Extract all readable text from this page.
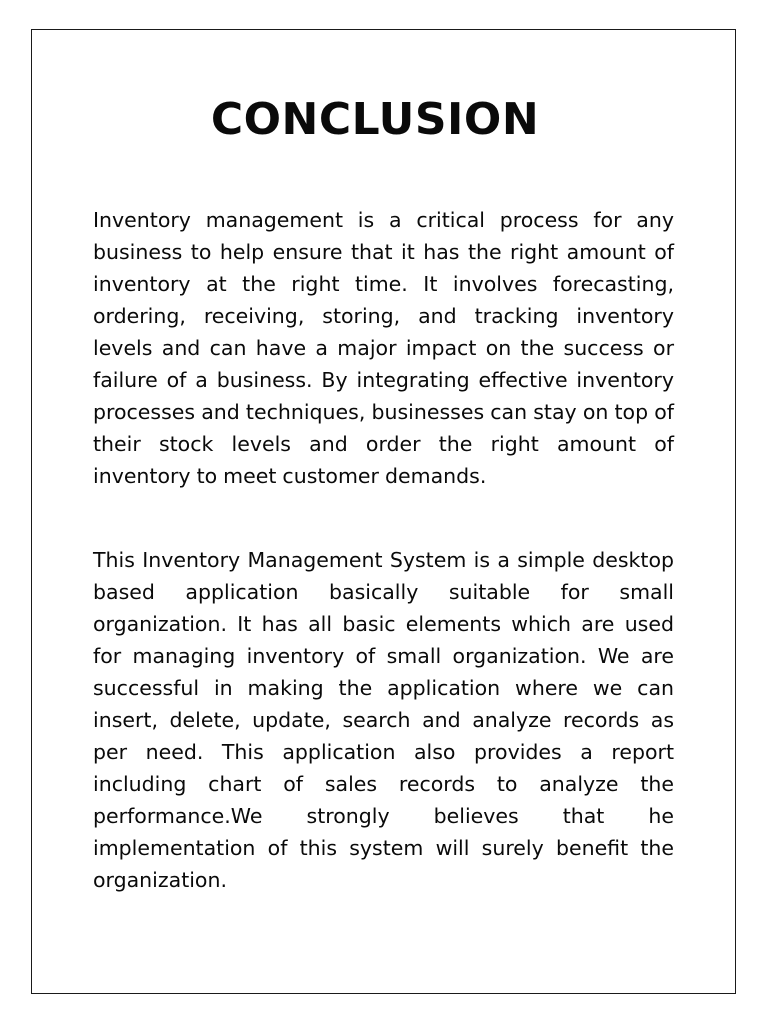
CONCLUSION

Inventory management is a critical process for any business to help ensure that it has the right amount of inventory at the right time. It involves forecasting, ordering, receiving, storing, and tracking inventory levels and can have a major impact on the success or failure of a business. By integrating effective inventory processes and techniques, businesses can stay on top of their stock levels and order the right amount of inventory to meet customer demands.

This Inventory Management System is a simple desktop based application basically suitable for small organization. It has all basic elements which are used for managing inventory of small organization. We are successful in making the application where we can insert, delete, update, search and analyze records as per need. This application also provides a report including chart of sales records to analyze the performance.We strongly believes that he implementation of this system will surely benefit the organization.
